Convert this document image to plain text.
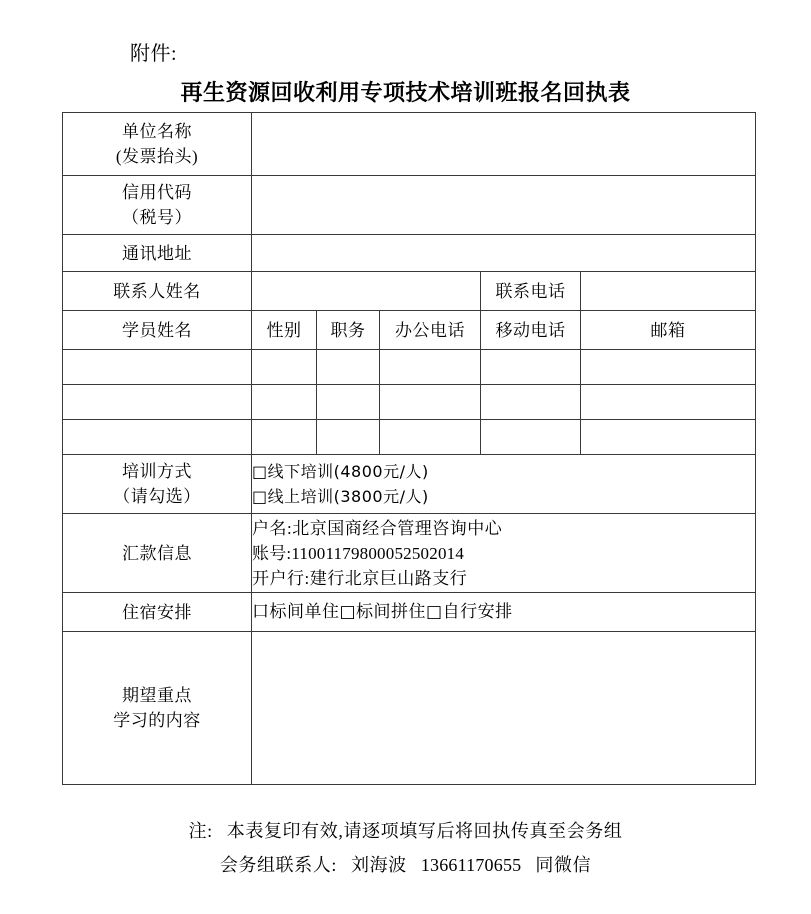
附件:
再生资源回收利用专项技术培训班报名回执表
单位名称
(发票抬头)					

信用代码
（税号）					

通讯地址					
联系人姓名				联系电话	
学员姓名	性别	职务	办公电话	移动电话	邮箱

培训方式
（请勾选）	□线下培训(4800元/人)
□线上培训(3800元/人)				

汇款信息	户名:北京国商经合管理咨询中心
账号:11001179800052502014
开户行:建行北京巨山路支行				

住宿安排	口标间单住□标间拼住□自行安排				

期望重点
学习的内容					

注: 本表复印有效,请逐项填写后将回执传真至会务组
会务组联系人: 刘海波 13661170655 同微信
